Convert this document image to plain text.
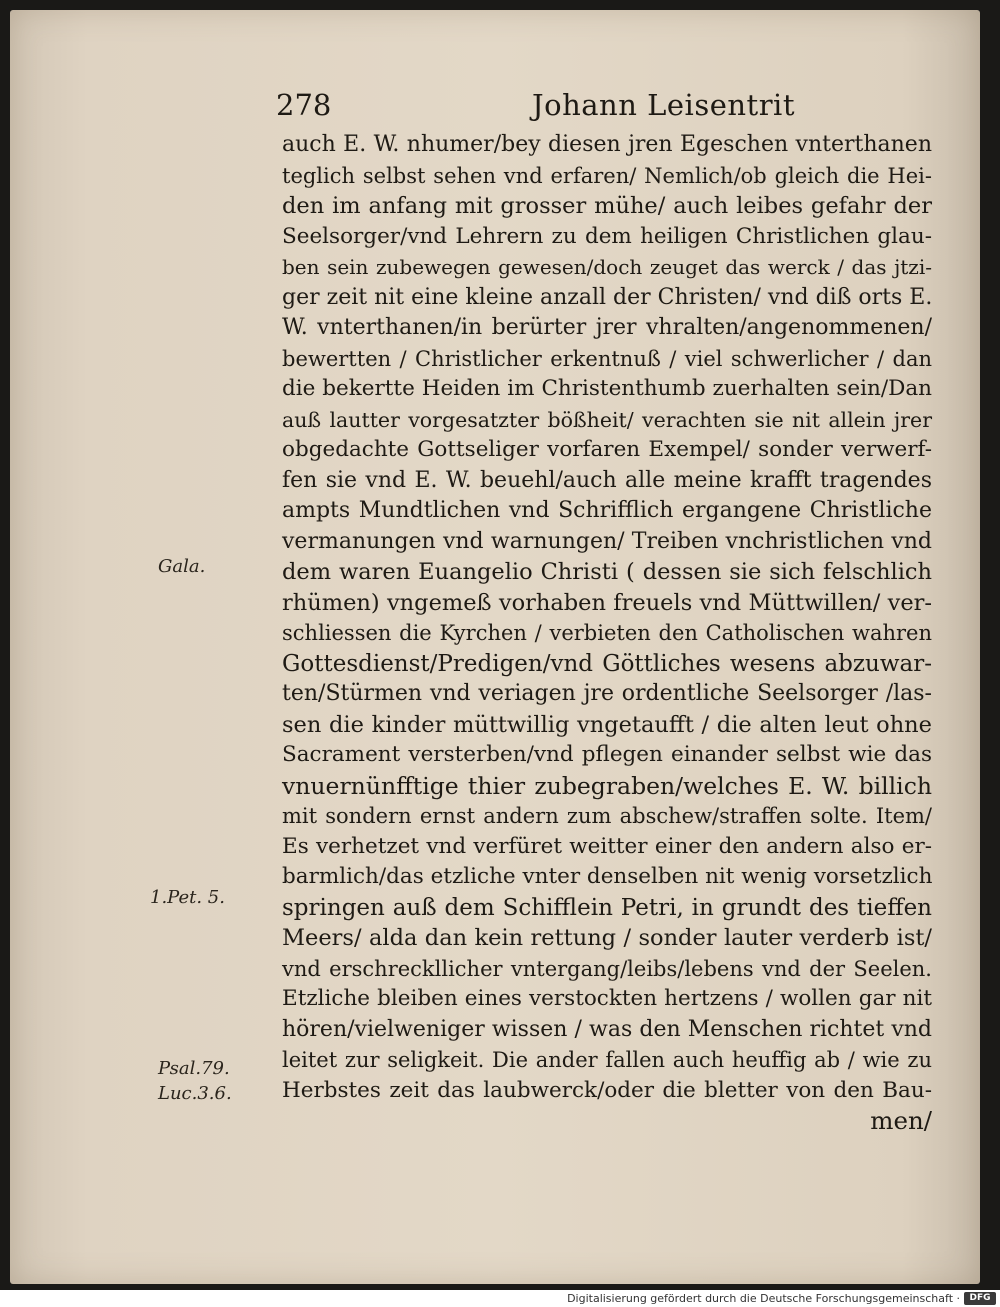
278	Johann Leisentrit
auch E. W. nhumer/bey diesen jren Egeschen vnterthanen
teglich selbst sehen vnd erfaren/ Nemlich/ob gleich die Hei-
den im anfang mit grosser mühe/ auch leibes gefahr der
Seelsorger/vnd Lehrern zu dem heiligen Christlichen glau-
ben sein zubewegen gewesen/doch zeuget das werck / das jtzi-
ger zeit nit eine kleine anzall der Christen/ vnd diß orts E.
W. vnterthanen/in berürter jrer vhralten/angenommenen/
bewertten / Christlicher erkentnuß / viel schwerlicher / dan
die bekertte Heiden im Christenthumb zuerhalten sein/Dan
auß lautter vorgesatzter bößheit/ verachten sie nit allein jrer
obgedachte Gottseliger vorfaren Exempel/ sonder verwerf-
fen sie vnd E. W. beuehl/auch alle meine krafft tragendes
ampts Mundtlichen vnd Schrifflich ergangene Christliche
vermanungen vnd warnungen/ Treiben vnchristlichen vnd
dem waren Euangelio Christi ( dessen sie sich felschlich
rhümen) vngemeß vorhaben freuels vnd Müttwillen/ ver-
schliessen die Kyrchen / verbieten den Catholischen wahren
Gottesdienst/Predigen/vnd Göttliches wesens abzuwar-
ten/Stürmen vnd veriagen jre ordentliche Seelsorger /las-
sen die kinder müttwillig vngetaufft / die alten leut ohne
Sacrament versterben/vnd pflegen einander selbst wie das
vnuernünfftige thier zubegraben/welches E. W. billich
mit sondern ernst andern zum abschew/straffen solte. Item/
Es verhetzet vnd verfüret weitter einer den andern also er-
barmlich/das etzliche vnter denselben nit wenig vorsetzlich
springen auß dem Schifflein Petri, in grundt des tieffen
Meers/ alda dan kein rettung / sonder lauter verderb ist/
vnd erschreckllicher vntergang/leibs/lebens vnd der Seelen.
Etzliche bleiben eines verstockten hertzens / wollen gar nit
hören/vielweniger wissen / was den Menschen richtet vnd
leitet zur seligkeit. Die ander fallen auch heuffig ab / wie zu
Herbstes zeit das laubwerck/oder die bletter von den Bau-
men/
Gala.
1.Pet. 5.
Psal.79.
Luc.3.6.
Digitalisierung gefördert durch die Deutsche Forschungsgemeinschaft ·	DFG
